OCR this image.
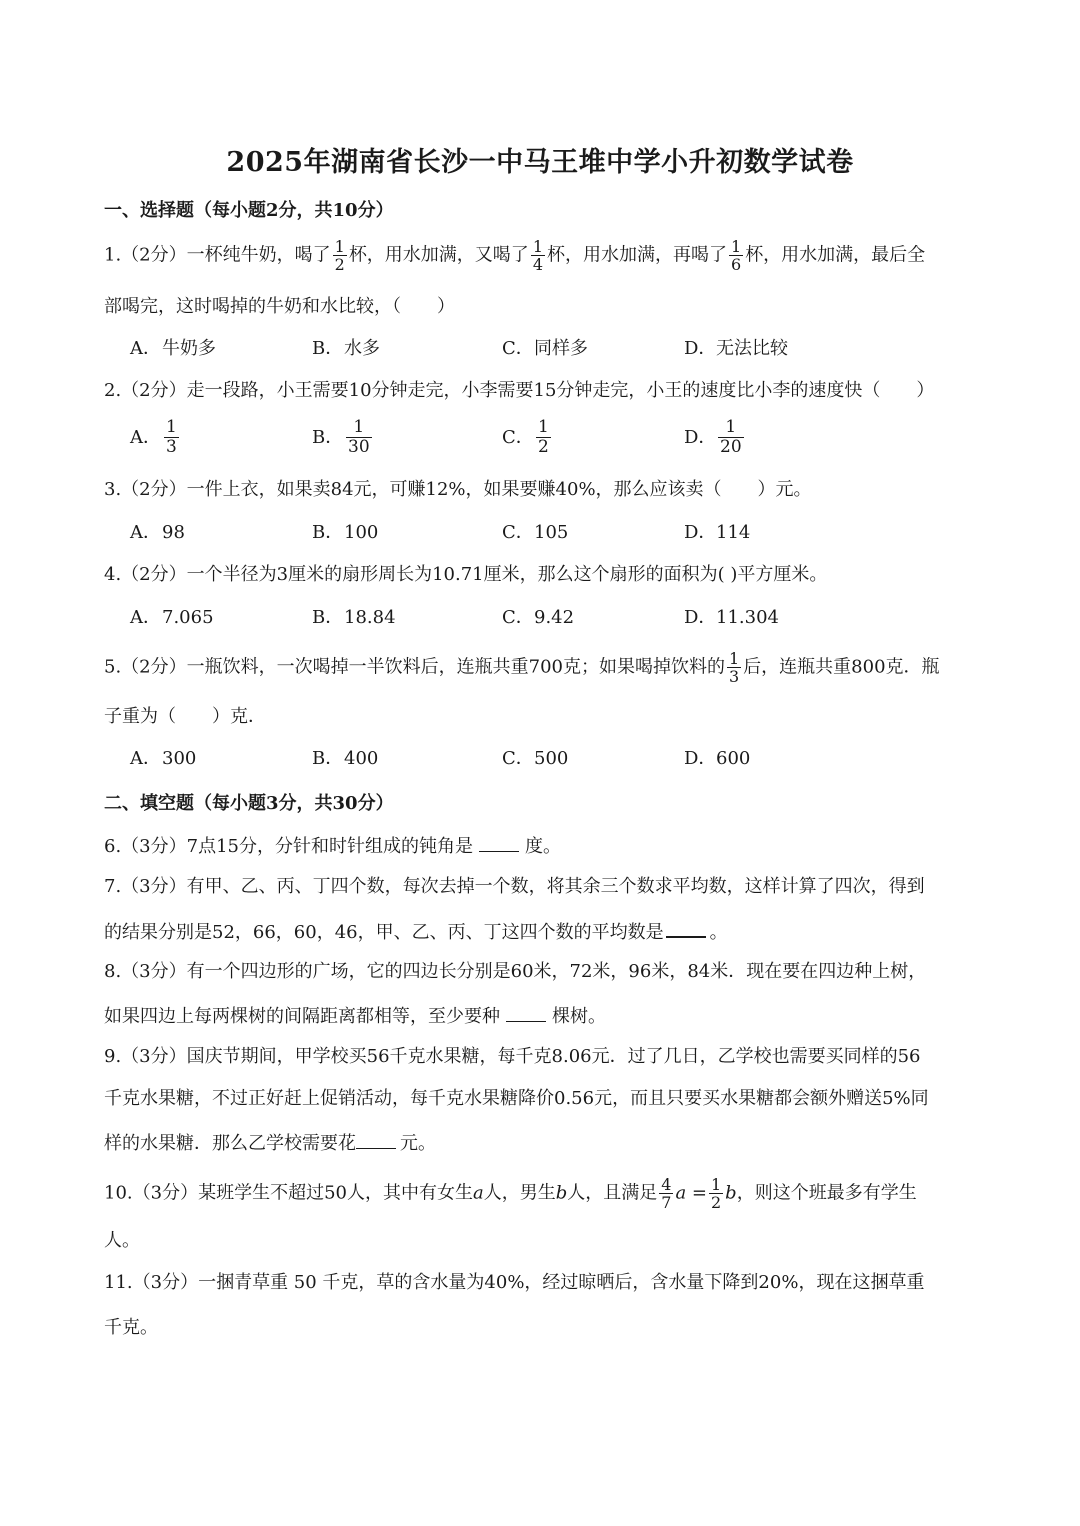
2025年湖南省长沙一中马王堆中学小升初数学试卷
一、选择题（每小题2分，共10分）
1.（2分）一杯纯牛奶，喝了 $\frac{1}{2}$ 杯，用水加满，又喝了 $\frac{1}{4}$ 杯，用水加满，再喝了 $\frac{1}{6}$ 杯，用水加满，最后全
部喝完，这时喝掉的牛奶和水比较，（　　）
A．牛奶多	B．水多	C．同样多	D．无法比较
2.（2分）走一段路，小王需要10分钟走完，小李需要15分钟走完，小王的速度比小李的速度快（　　）
A． $\frac{1}{3}$	B． $\frac{1}{30}$	C． $\frac{1}{2}$	D． $\frac{1}{20}$
3.（2分）一件上衣，如果卖84元，可赚12%，如果要赚40%，那么应该卖（　　）元。
A．98	B．100	C．105	D．114
4.（2分）一个半径为3厘米的扇形周长为10.71厘米，那么这个扇形的面积为( )平方厘米。
A．7.065	B．18.84	C．9.42	D．11.304
5.（2分）一瓶饮料，一次喝掉一半饮料后，连瓶共重700克；如果喝掉饮料的 $\frac{1}{3}$ 后，连瓶共重800克．瓶
子重为（　　）克．
A．300	B．400	C．500	D．600
二、填空题（每小题3分，共30分）
6.（3分）7点15分，分针和时针组成的钝角是	度。
7.（3分）有甲、乙、丙、丁四个数，每次去掉一个数，将其余三个数求平均数，这样计算了四次，得到
的结果分别是52，66，60，46，甲、乙、丙、丁这四个数的平均数是	。
8.（3分）有一个四边形的广场，它的四边长分别是60米，72米，96米，84米．现在要在四边种上树，
如果四边上每两棵树的间隔距离都相等，至少要种	棵树。
9.（3分）国庆节期间，甲学校买56千克水果糖，每千克8.06元．过了几日，乙学校也需要买同样的56
千克水果糖，不过正好赶上促销活动，每千克水果糖降价0.56元，而且只要买水果糖都会额外赠送5%同
样的水果糖．那么乙学校需要花 元。
10.（3分）某班学生不超过50人，其中有女生a人，男生b人，且满足 $\frac{4}{7}$ $a = \frac{1}{2}$ b，则这个班最多有学生
人。
11.（3分）一捆青草重 50 千克，草的含水量为40%，经过晾晒后，含水量下降到20%，现在这捆草重
千克。
